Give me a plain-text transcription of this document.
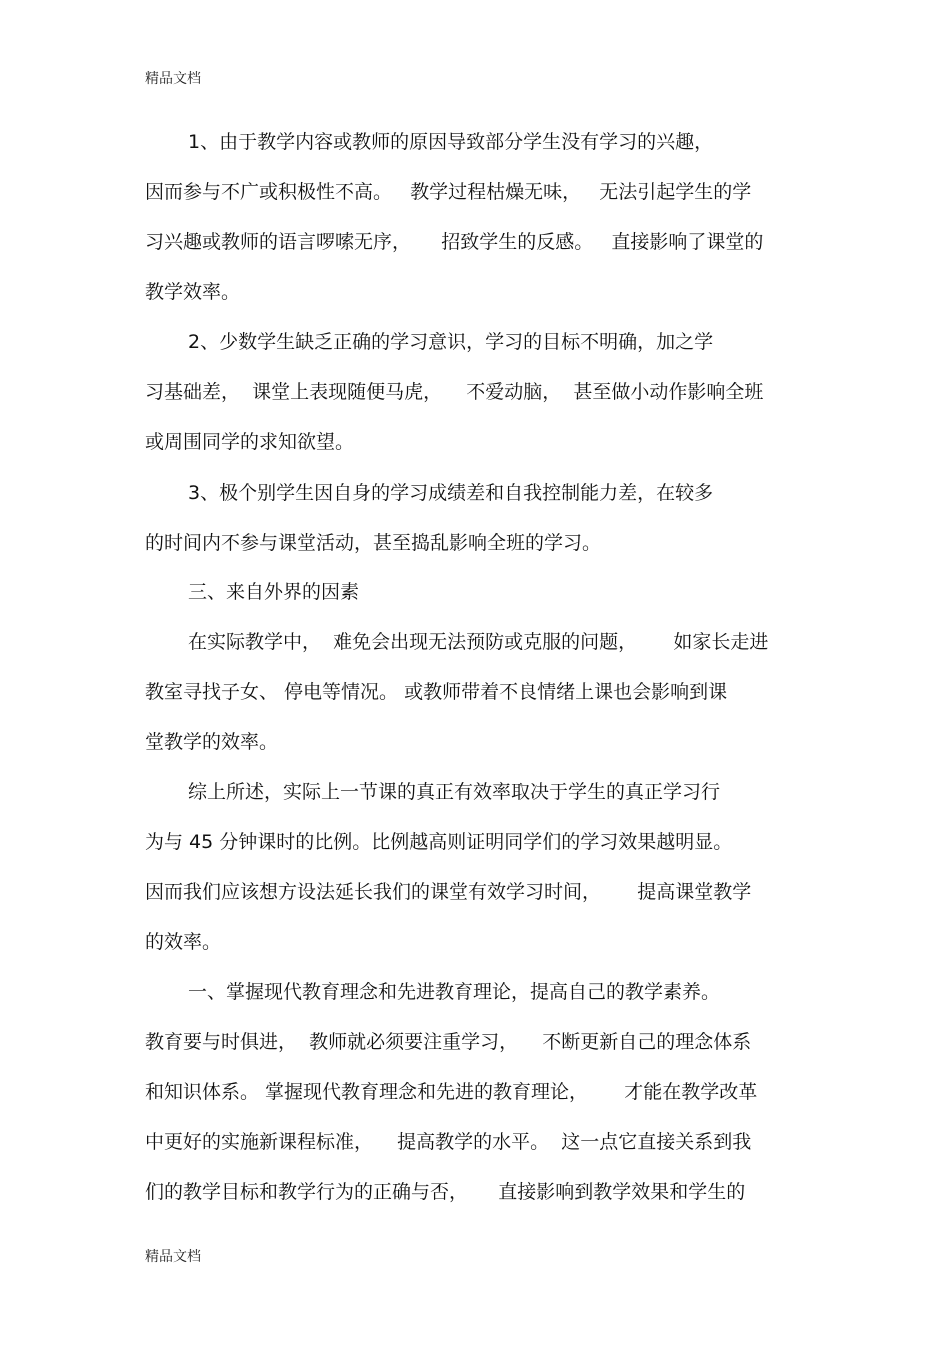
精品文档
1、由于教学内容或教师的原因导致部分学生没有学习的兴趣，
因而参与不广或积极性不高。   教学过程枯燥无味，   无法引起学生的学
习兴趣或教师的语言啰嗦无序，     招致学生的反感。   直接影响了课堂的
教学效率。
2、少数学生缺乏正确的学习意识，学习的目标不明确，加之学
习基础差，  课堂上表现随便马虎，    不爱动脑，  甚至做小动作影响全班
或周围同学的求知欲望。
3、极个别学生因自身的学习成绩差和自我控制能力差，在较多
的时间内不参与课堂活动，甚至捣乱影响全班的学习。
三、来自外界的因素
在实际教学中，  难免会出现无法预防或克服的问题，      如家长走进
教室寻找子女、 停电等情况。 或教师带着不良情绪上课也会影响到课
堂教学的效率。
综上所述，实际上一节课的真正有效率取决于学生的真正学习行
为与 45 分钟课时的比例。比例越高则证明同学们的学习效果越明显。
因而我们应该想方设法延长我们的课堂有效学习时间，      提高课堂教学
的效率。
一、掌握现代教育理念和先进教育理论，提高自己的教学素养。
教育要与时俱进，  教师就必须要注重学习，    不断更新自己的理念体系
和知识体系。 掌握现代教育理念和先进的教育理论，      才能在教学改革
中更好的实施新课程标准，    提高教学的水平。  这一点它直接关系到我
们的教学目标和教学行为的正确与否，     直接影响到教学效果和学生的
精品文档
